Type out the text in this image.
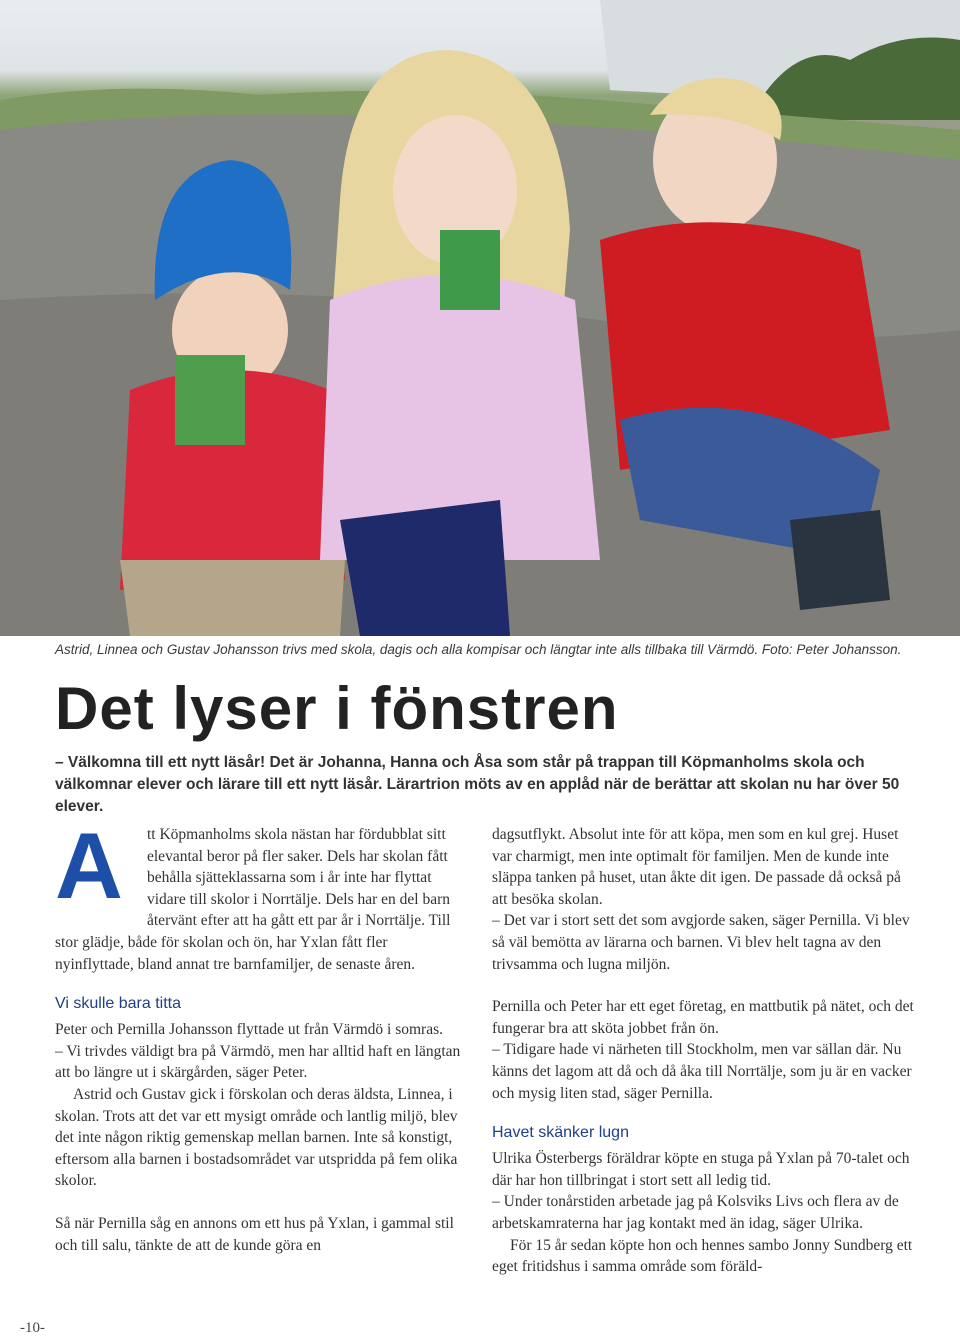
Astrid, Linnea och Gustav Johansson trivs med skola, dagis och alla kompisar och längtar inte alls tillbaka till Värmdö. Foto: Peter Johansson.
Det lyser i fönstren
– Välkomna till ett nytt läsår! Det är Johanna, Hanna och Åsa som står på trappan till Köpmanholms skola och välkomnar elever och lärare till ett nytt läsår. Lärartrion möts av en applåd när de berättar att skolan nu har över 50 elever.
A	tt Köpmanholms skola nästan har fördubblat sitt elevantal beror på fler saker. Dels har skolan fått behålla sjätteklassarna som i år inte har flyttat vidare till skolor i Norrtälje. Dels har en del barn återvänt efter att ha gått ett par år i Norrtälje. Till stor glädje, både för skolan och ön, har Yxlan fått fler nyinflyttade, bland annat tre barnfamiljer, de senaste åren.

Vi skulle bara titta

Peter och Pernilla Johansson flyttade ut från Värmdö i somras.

– Vi trivdes väldigt bra på Värmdö, men har alltid haft en längtan att bo längre ut i skärgården, säger Peter.

Astrid och Gustav gick i förskolan och deras äldsta, Linnea, i skolan. Trots att det var ett mysigt område och lantlig miljö, blev det inte någon riktig gemenskap mellan barnen. Inte så konstigt, eftersom alla barnen i bostadsområdet var utspridda på fem olika skolor.

Så när Pernilla såg en annons om ett hus på Yxlan, i gammal stil och till salu, tänkte de att de kunde göra en

dagsutflykt. Absolut inte för att köpa, men som en kul grej. Huset var charmigt, men inte optimalt för familjen. Men de kunde inte släppa tanken på huset, utan åkte dit igen. De passade då också på att besöka skolan.

– Det var i stort sett det som avgjorde saken, säger Pernilla. Vi blev så väl bemötta av lärarna och barnen. Vi blev helt tagna av den trivsamma och lugna miljön.

Pernilla och Peter har ett eget företag, en mattbutik på nätet, och det fungerar bra att sköta jobbet från ön.

– Tidigare hade vi närheten till Stockholm, men var sällan där. Nu känns det lagom att då och då åka till Norrtälje, som ju är en vacker och mysig liten stad, säger Pernilla.

Havet skänker lugn

Ulrika Österbergs föräldrar köpte en stuga på Yxlan på 70-talet och där har hon tillbringat i stort sett all ledig tid.

– Under tonårstiden arbetade jag på Kolsviks Livs och flera av de arbetskamraterna har jag kontakt med än idag, säger Ulrika.

För 15 år sedan köpte hon och hennes sambo Jonny Sundberg ett eget fritidshus i samma område som föräld-

-10-
